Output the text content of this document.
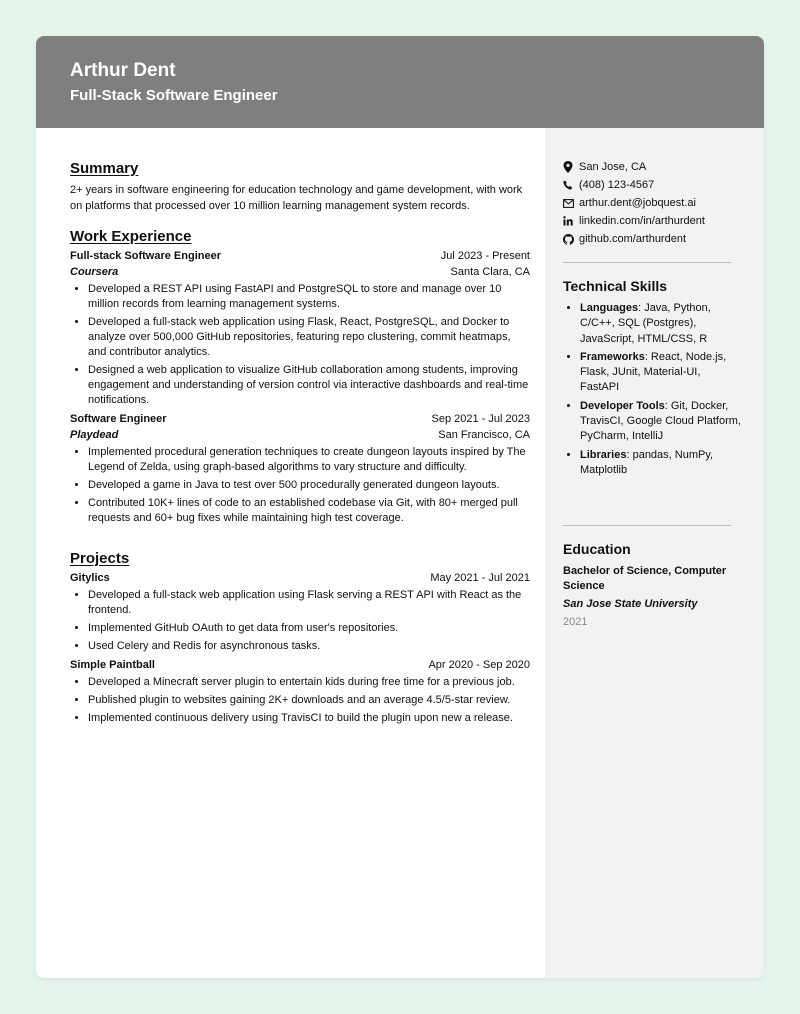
Arthur Dent
Full-Stack Software Engineer
Summary

2+ years in software engineering for education technology and game development, with work on platforms that processed over 10 million learning management system records.

Work Experience
Full-stack Software Engineer	Jul 2023 - Present
Coursera	Santa Clara, CA
• Developed a REST API using FastAPI and PostgreSQL to store and manage over 10 million records from learning management systems.
• Developed a full-stack web application using Flask, React, PostgreSQL, and Docker to analyze over 500,000 GitHub repositories, featuring repo clustering, commit heatmaps, and contributor analytics.
• Designed a web application to visualize GitHub collaboration among students, improving engagement and understanding of version control via interactive dashboards and real-time notifications.
Software Engineer	Sep 2021 - Jul 2023
Playdead	San Francisco, CA
• Implemented procedural generation techniques to create dungeon layouts inspired by The Legend of Zelda, using graph-based algorithms to vary structure and difficulty.
• Developed a game in Java to test over 500 procedurally generated dungeon layouts.
• Contributed 10K+ lines of code to an established codebase via Git, with 80+ merged pull requests and 60+ bug fixes while maintaining high test coverage.
Projects
Gitylics	May 2021 - Jul 2021
• Developed a full-stack web application using Flask serving a REST API with React as the frontend.
• Implemented GitHub OAuth to get data from user's repositories.
• Used Celery and Redis for asynchronous tasks.
Simple Paintball	Apr 2020 - Sep 2020
• Developed a Minecraft server plugin to entertain kids during free time for a previous job.
• Published plugin to websites gaining 2K+ downloads and an average 4.5/5-star review.
• Implemented continuous delivery using TravisCI to build the plugin upon new a release.
San Jose, CA
(408) 123-4567
arthur.dent@jobquest.ai
linkedin.com/in/arthurdent
github.com/arthurdent
Technical Skills
• Languages: Java, Python, C/C++, SQL (Postgres), JavaScript, HTML/CSS, R
• Frameworks: React, Node.js, Flask, JUnit, Material-UI, FastAPI
• Developer Tools: Git, Docker, TravisCI, Google Cloud Platform, PyCharm, IntelliJ
• Libraries: pandas, NumPy, Matplotlib
Education
Bachelor of Science, Computer Science
San Jose State University
2021
